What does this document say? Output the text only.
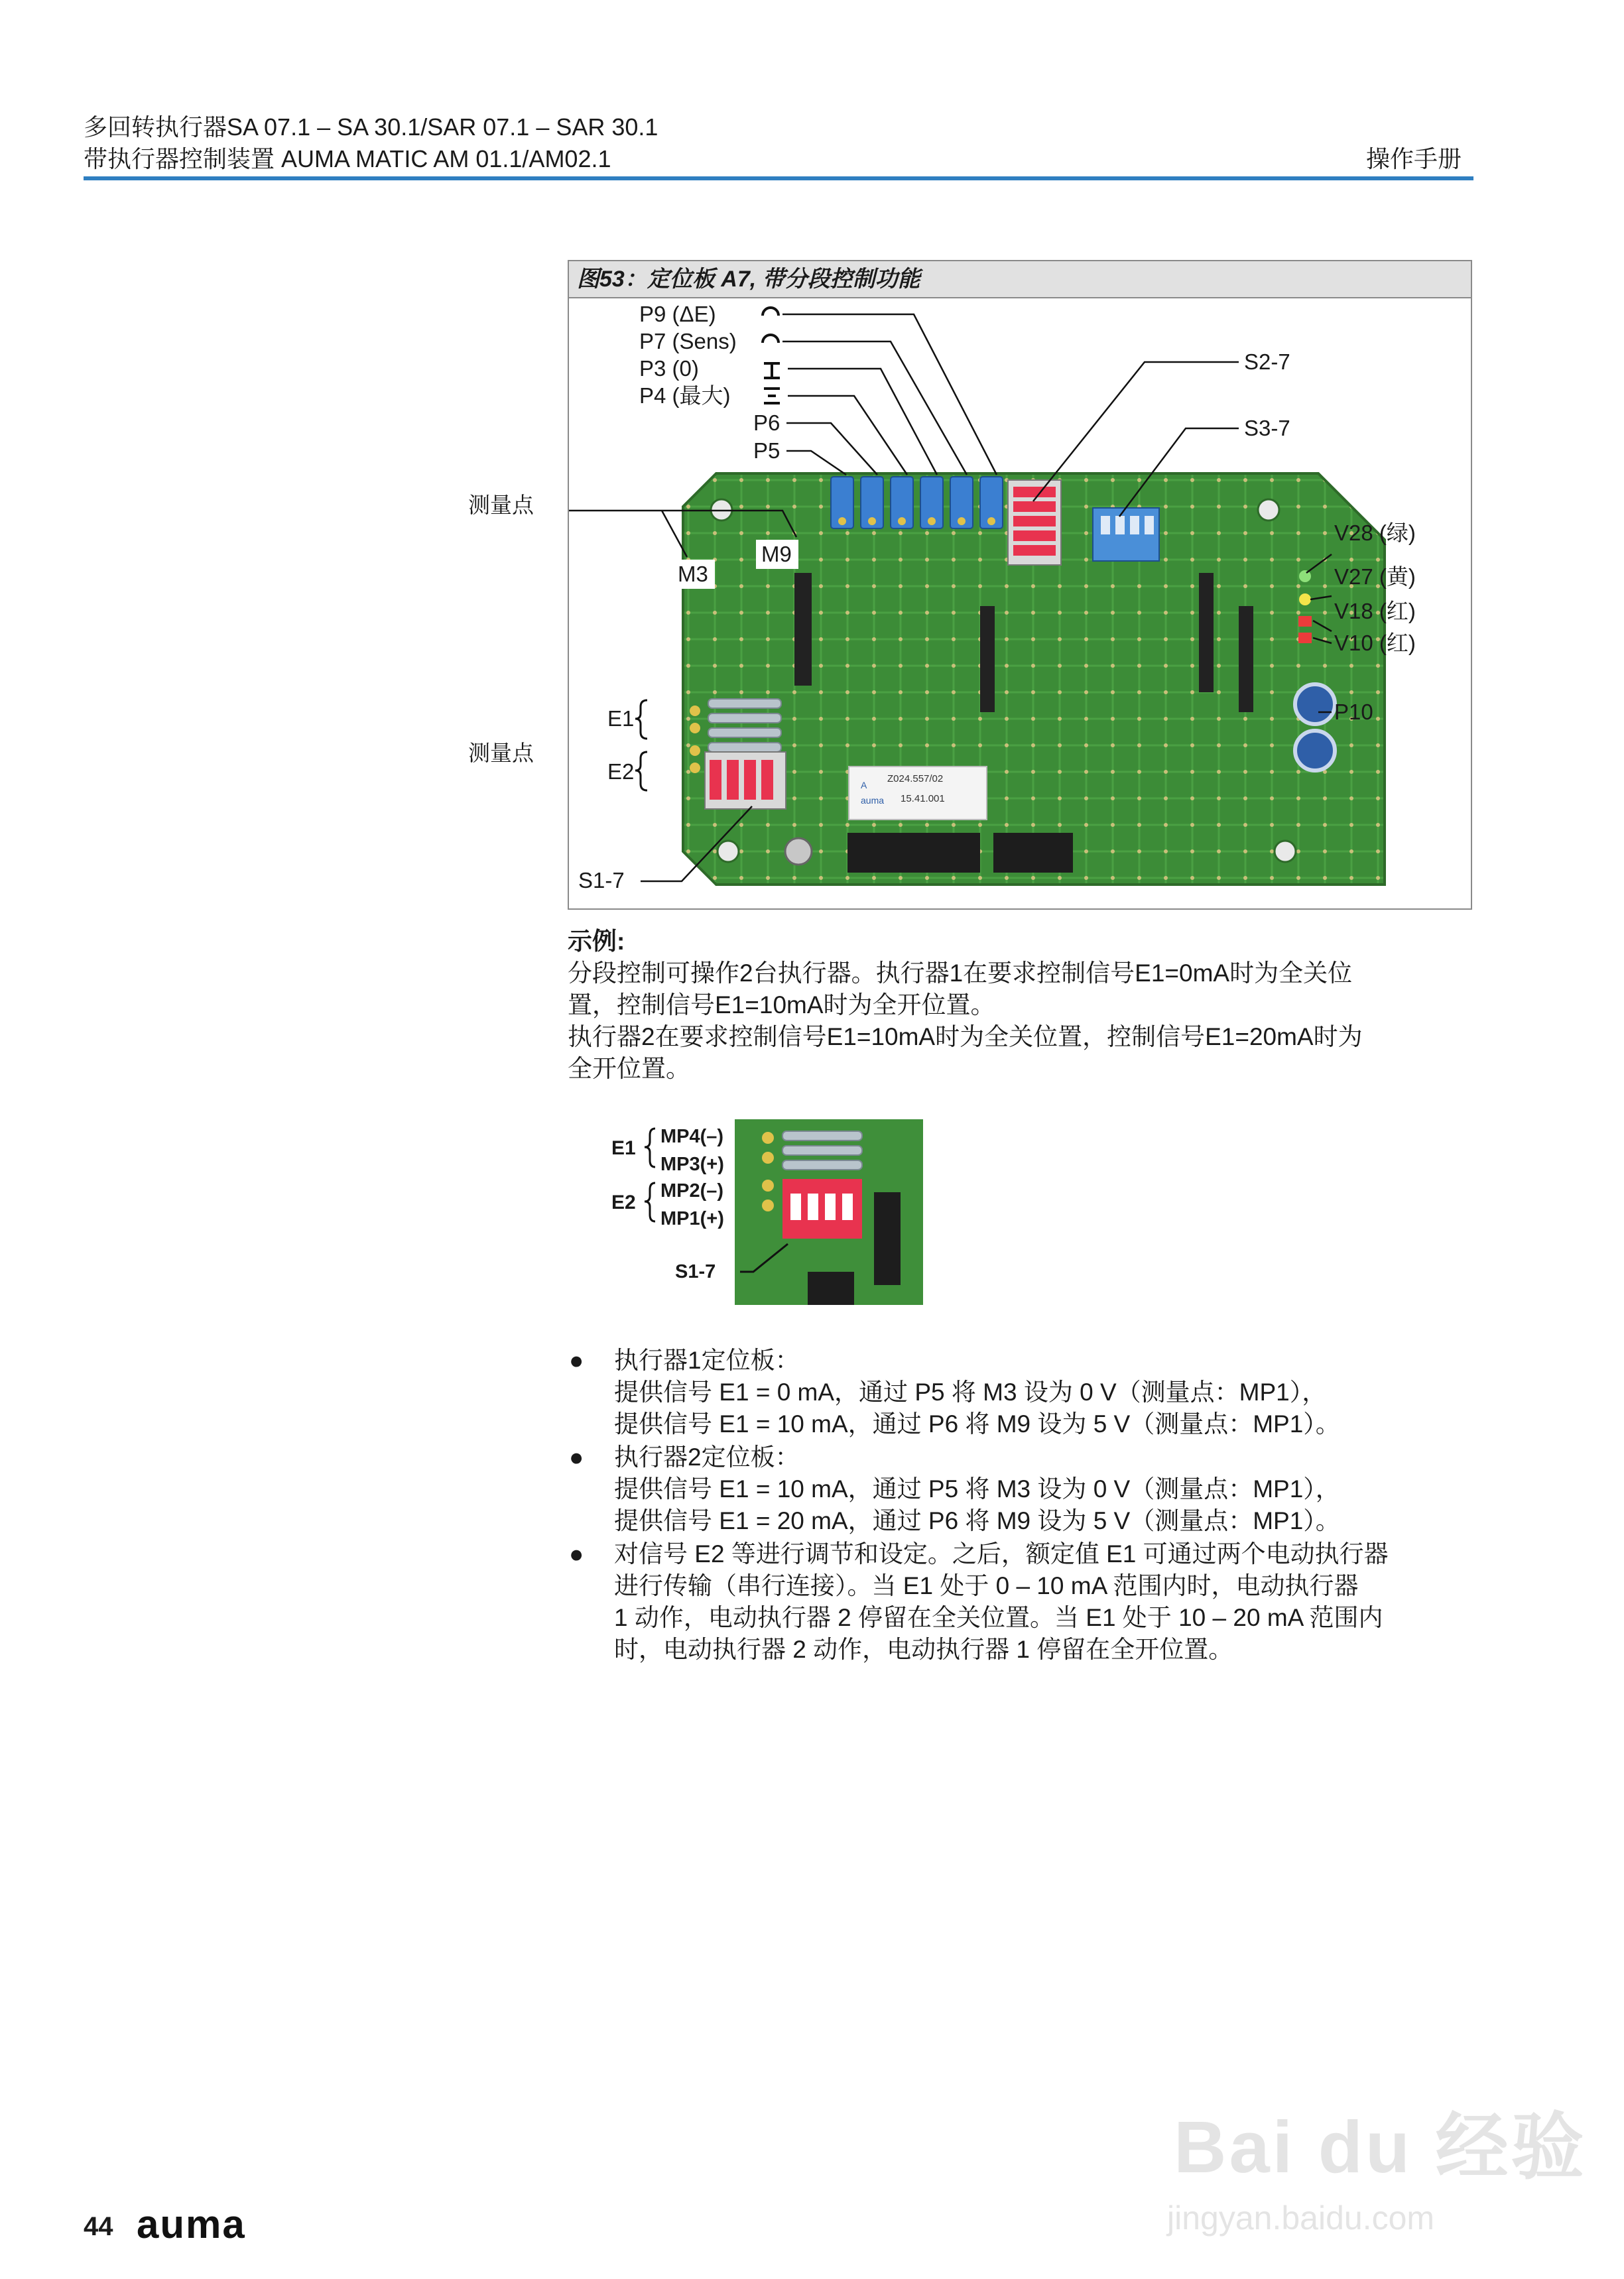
多回转执行器SA 07.1 – SA 30.1/SAR 07.1 – SAR 30.1
带执行器控制装置 AUMA MATIC AM 01.1/AM02.1	操作手册
测量点
测量点
图53：定位板 A7, 带分段控制功能
A
auma
P9 (ΔE)
P7 (Sens)
P3 (0)
P4 (最大)
P6
P5
S2-7
S3-7
V28 (绿)
V27 (黄)
V18 (红)
V10 (红)
P10
M3
M9
E1
E2
S1-7
Z024.557/02
15.41.001
示例:
分段控制可操作2台执行器。执行器1在要求控制信号E1=0mA时为全关位
置，控制信号E1=10mA时为全开位置。
执行器2在要求控制信号E1=10mA时为全关位置，控制信号E1=20mA时为
全开位置。
E1
E2
MP4(–)
MP3(+)
MP2(–)
MP1(+)
S1-7
● 执行器1定位板：
提供信号 E1 = 0 mA，通过 P5 将 M3 设为 0 V（测量点：MP1），
提供信号 E1 = 10 mA，通过 P6 将 M9 设为 5 V（测量点：MP1）。
● 执行器2定位板：
提供信号 E1 = 10 mA，通过 P5 将 M3 设为 0 V（测量点：MP1），
提供信号 E1 = 20 mA，通过 P6 将 M9 设为 5 V（测量点：MP1）。
● 对信号 E2 等进行调节和设定。之后，额定值 E1 可通过两个电动执行器
进行传输（串行连接）。当 E1 处于 0 – 10 mA 范围内时，电动执行器
1 动作，电动执行器 2 停留在全关位置。当 E1 处于 10 – 20 mA 范围内
时，电动执行器 2 动作，电动执行器 1 停留在全开位置。
Bai du 经验
jingyan.baidu.com
44 auma
